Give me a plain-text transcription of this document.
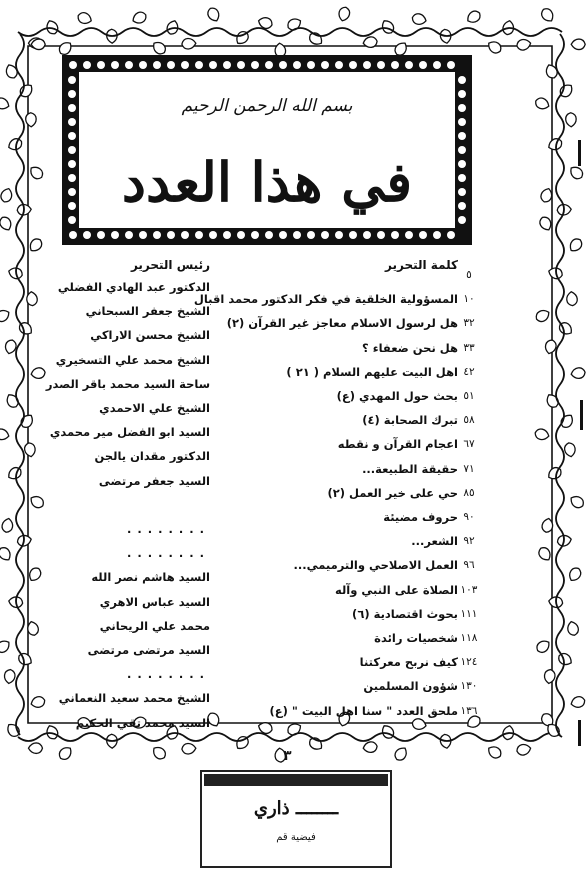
بسم الله الرحمن الرحيم
في هذا العدد
كلمة التحرير
٥
١٠
المسؤولية الخلقية في فكر الدكتور محمد اقبال
٣٢
هل لرسول الاسلام معاجز غير القرآن (٢)
٣٣
هل نحن ضعفاء ؟
٤٢
اهل البيت عليهم السلام ( ٢١ )
٥١
بحث حول المهدي (ع)
٥٨
تبرك الصحابة (٤)
٦٧
اعجام القرآن و نقطه
٧١
حقيقة الطبيعة...
٨٥
حي على خير العمل (٢)
٩٠
حروف مضيئة
٩٢
الشعر...
٩٦
العمل الاصلاحي والترميمي...
١٠٣
الصلاة على النبي وآله
١١١
بحوث اقتصادية (٦)
١١٨
شخصيات رائدة
١٢٤
كيف نربح معركتنا
١٣٠
شؤون المسلمين
١٣٦
ملحق العدد " سنا اهل البيت " (ع)
رئيس التحرير
الدكتور عبد الهادي الفضلي
الشيخ جعفر السبحاني
الشيخ محسن الاراكي
الشيخ محمد علي التسخيري
ساحة السيد محمد باقر الصدر
الشيخ علي الاحمدي
السيد ابو الفضل مير محمدي
الدكتور مقدان يالجن
السيد جعفر مرتضى
........
........
السيد هاشم نصر الله
السيد عباس الاهري
محمد علي الريحاني
السيد مرتضى مرتضى
........
الشيخ محمد سعيد النعماني
السيد محمد تقي الحكيم
٣
ــــــــ ذاري
فيضية قم
